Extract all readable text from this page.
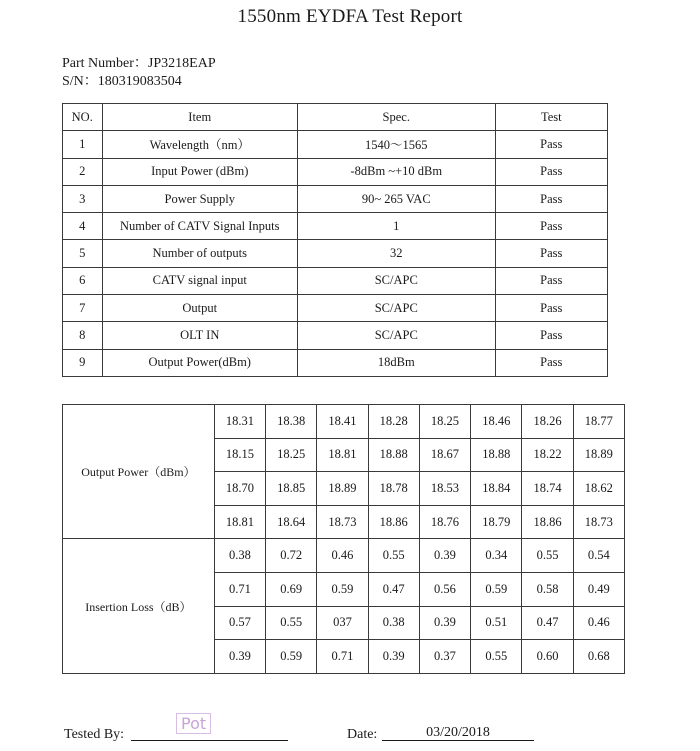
1550nm EYDFA Test Report
Part Number：JP3218EAP
S/N：180319083504
NO.	Item	Spec.	Test
1	Wavelength（nm）	1540～1565	Pass
2	Input Power (dBm)	-8dBm ~+10 dBm	Pass
3	Power Supply	90~ 265 VAC	Pass
4	Number of CATV Signal Inputs	1	Pass
5	Number of outputs	32	Pass
6	CATV signal input	SC/APC	Pass
7	Output	SC/APC	Pass
8	OLT IN	SC/APC	Pass
9	Output Power(dBm)	18dBm	Pass
Output Power（dBm）	18.31	18.38	18.41	18.28	18.25	18.46	18.26	18.77
	18.15	18.25	18.81	18.88	18.67	18.88	18.22	18.89
	18.70	18.85	18.89	18.78	18.53	18.84	18.74	18.62
	18.81	18.64	18.73	18.86	18.76	18.79	18.86	18.73
Insertion Loss（dB）	0.38	0.72	0.46	0.55	0.39	0.34	0.55	0.54
	0.71	0.69	0.59	0.47	0.56	0.59	0.58	0.49
	0.57	0.55	037	0.38	0.39	0.51	0.47	0.46
	0.39	0.59	0.71	0.39	0.37	0.55	0.60	0.68
Tested By:
Pot
Date:	03/20/2018
